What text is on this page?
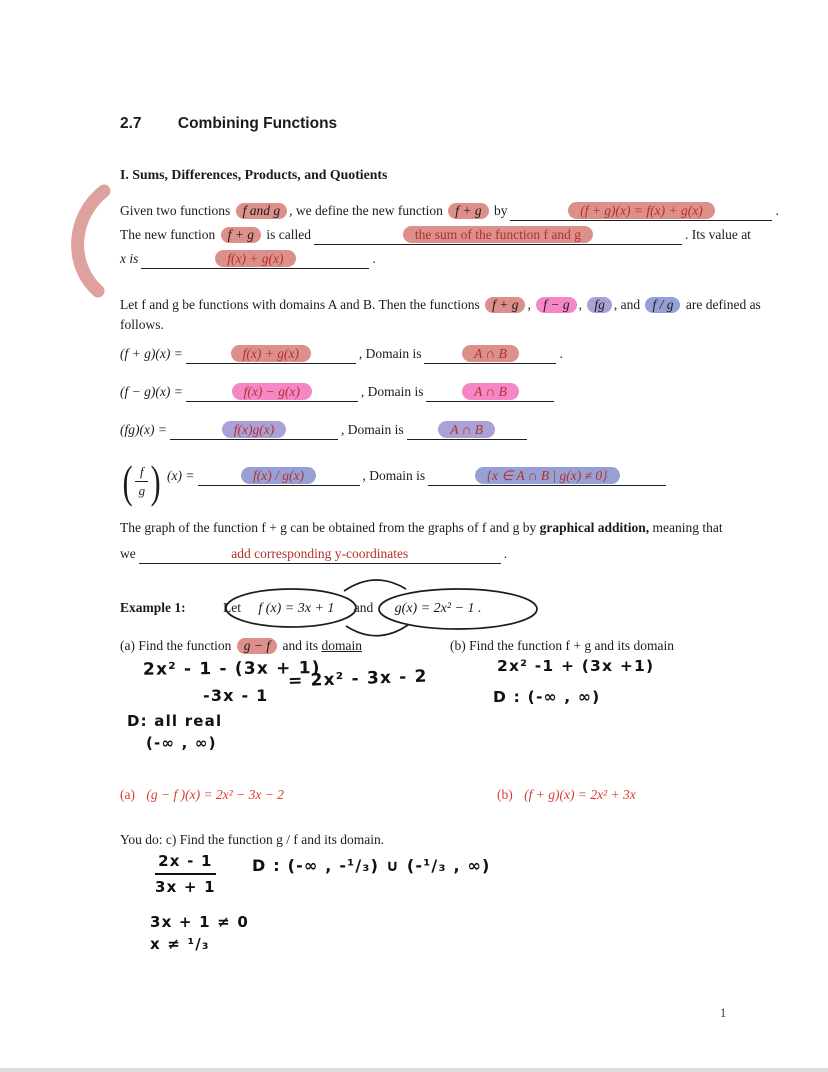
2.7 Combining Functions
I. Sums, Differences, Products, and Quotients
Given two functions f and g , we define the new function f + g by	(f + g)(x) = f(x) + g(x)	.
The new function f + g is called	the sum of the function f and g	. Its value at
x is	f(x) + g(x)	.
Let f and g be functions with domains A and B. Then the functions f + g , f − g , fg , and f / g are defined as
follows.
(f + g)(x) =	f(x) + g(x)	, Domain is	A ∩ B	.
(f − g)(x) =	f(x) − g(x)	, Domain is	A ∩ B
(fg)(x) =	f(x)g(x)	, Domain is	A ∩ B
( $\frac{f}{g}$) (x) =	f(x) / g(x)	, Domain is	{x ∈ A ∩ B | g(x) ≠ 0}
The graph of the function f + g can be obtained from the graphs of f and g by graphical addition, meaning that
we	add corresponding y-coordinates	.
Example 1:	Let f (x) = 3x + 1 and g(x) = 2x² − 1 .
(a) Find the function g − f and its domain	(b) Find the function f + g and its domain
2x² - 1 - (3x + 1)
-3x - 1
= 2x² - 3x - 2
D: all real
(-∞ , ∞)
2x² -1 + (3x +1)
D : (-∞ , ∞)
(a) (g − f )(x) = 2x² − 3x − 2	(b) (f + g)(x) = 2x² + 3x
You do: c) Find the function g / f and its domain.
2x - 1
3x + 1
D : (-∞ , -¹/₃) ∪ (-¹/₃ , ∞)
3x + 1 ≠ 0
x ≠ ¹/₃
1
